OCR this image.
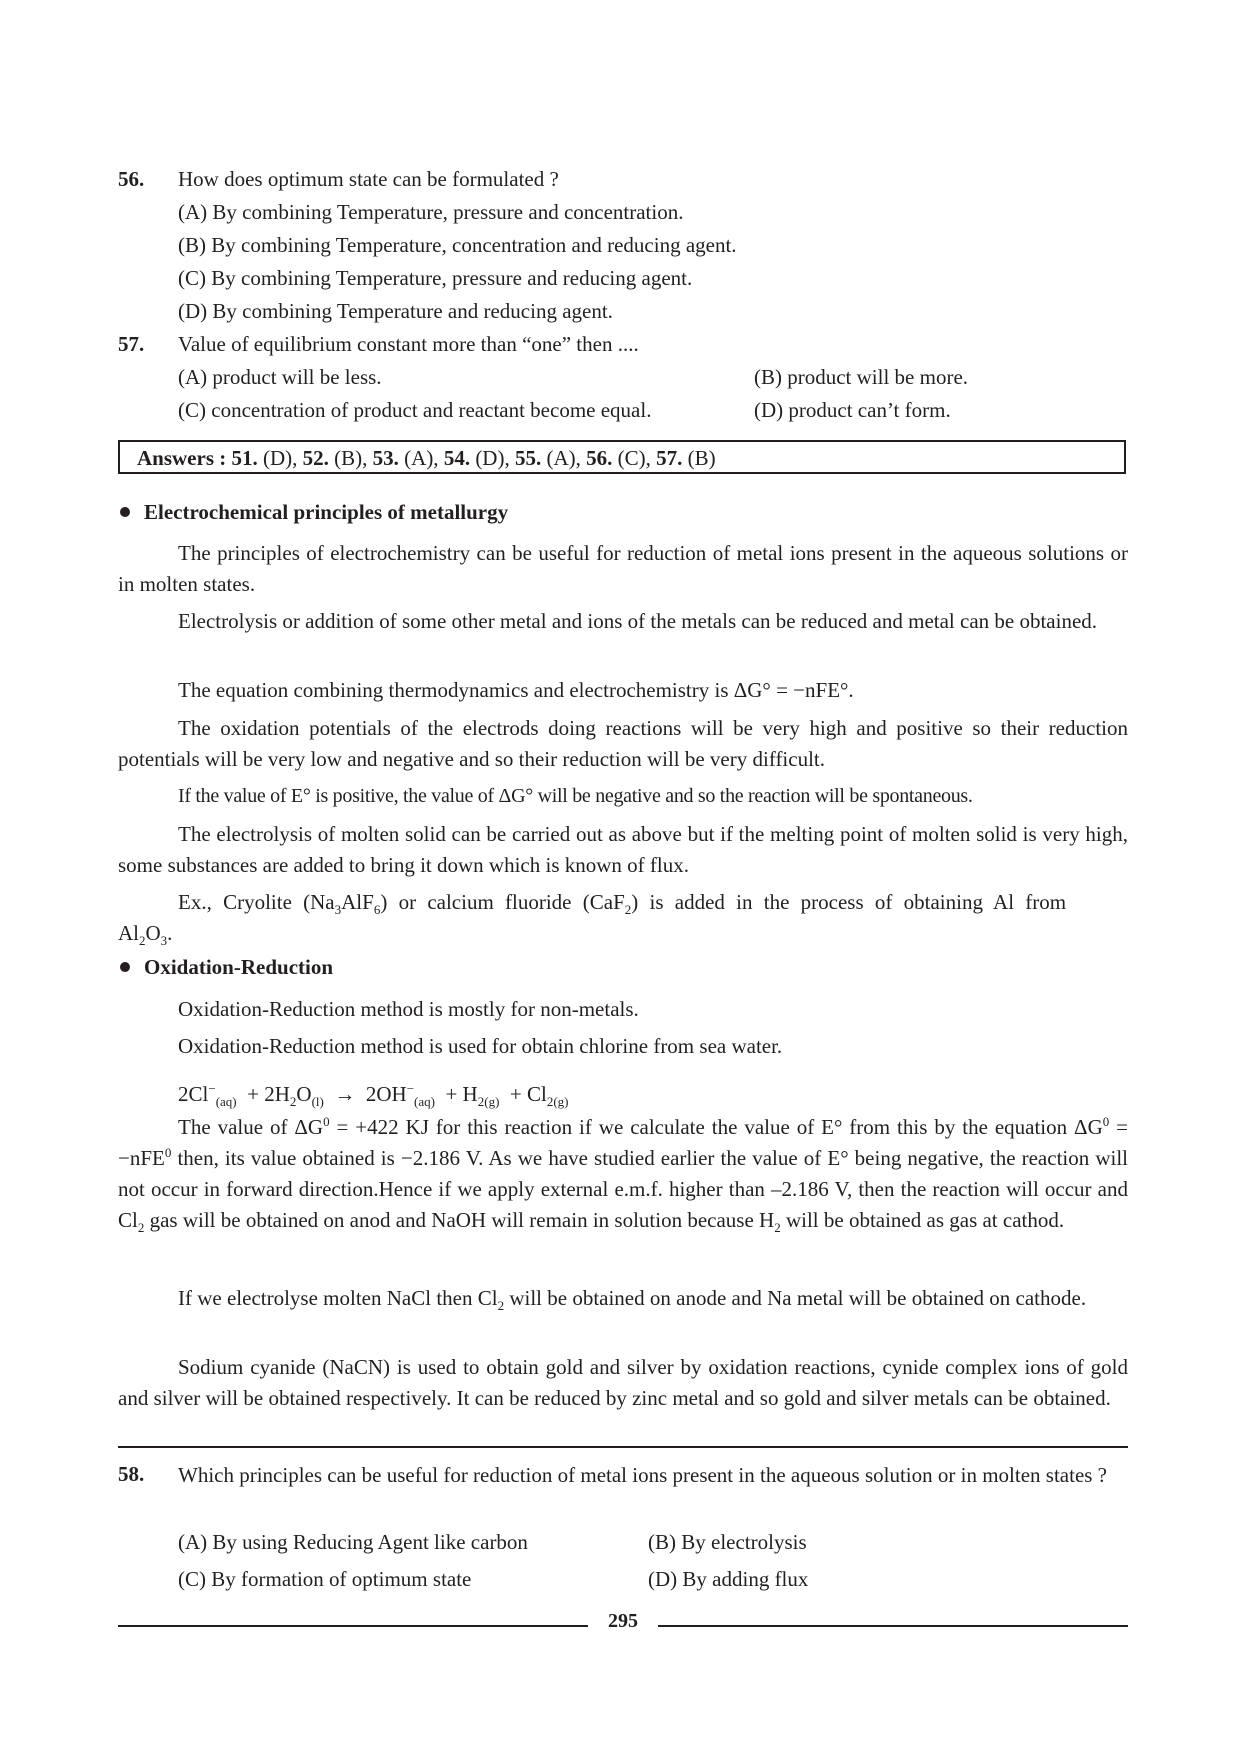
56. How does optimum state can be formulated ?
(A) By combining Temperature, pressure and concentration.
(B) By combining Temperature, concentration and reducing agent.
(C) By combining Temperature, pressure and reducing agent.
(D) By combining Temperature and reducing agent.
57. Value of equilibrium constant more than “one” then ....
(A) product will be less.	(B) product will be more.
(C) concentration of product and reactant become equal.	(D) product can’t form.
Answers : 51. (D), 52. (B), 53. (A), 54. (D), 55. (A), 56. (C), 57. (B)
Electrochemical principles of metallurgy
The principles of electrochemistry can be useful for reduction of metal ions present in the aqueous solutions or in molten states.
Electrolysis or addition of some other metal and ions of the metals can be reduced and metal can be obtained.
The equation combining thermodynamics and electrochemistry is ΔG° = −nFE°.
The oxidation potentials of the electrods doing reactions will be very high and positive so their reduction potentials will be very low and negative and so their reduction will be very difficult.
If the value of E° is positive, the value of ΔG° will be negative and so the reaction will be spontaneous.
The electrolysis of molten solid can be carried out as above but if the melting point of molten solid is very high, some substances are added to bring it down which is known of flux.
Ex., Cryolite $(Na_3AlF_6)$ or calcium fluoride (CaF$_2$) is added in the process of obtaining Al from
$Al_2O_3$.
Oxidation-Reduction
Oxidation-Reduction method is mostly for non-metals.
Oxidation-Reduction method is used for obtain chlorine from sea water.
$2Cl^-_{(aq)} + 2H_2O_{(l)} \to 2OH^-_{(aq)} + H_{2(g)} + Cl_{2(g)}$
The value of $\Delta G^0 = +422$ KJ for this reaction if we calculate the value of E° from this by the equation $\Delta G^0 = -nFE^0$ then, its value obtained is −2.186 V. As we have studied earlier the value of E° being negative, the reaction will not occur in forward direction.Hence if we apply external e.m.f. higher than –2.186 V, then the reaction will occur and $Cl_2$ gas will be obtained on anod and NaOH will remain in solution because $H_2$ will be obtained as gas at cathod.
If we electrolyse molten NaCl then $Cl_2$ will be obtained on anode and Na metal will be obtained on cathode.
Sodium cyanide (NaCN) is used to obtain gold and silver by oxidation reactions, cynide complex ions of gold and silver will be obtained respectively. It can be reduced by zinc metal and so gold and silver metals can be obtained.
58. Which principles can be useful for reduction of metal ions present in the aqueous solution or in molten states ?
(A) By using Reducing Agent like carbon	(B) By electrolysis
(C) By formation of optimum state	(D) By adding flux
295
